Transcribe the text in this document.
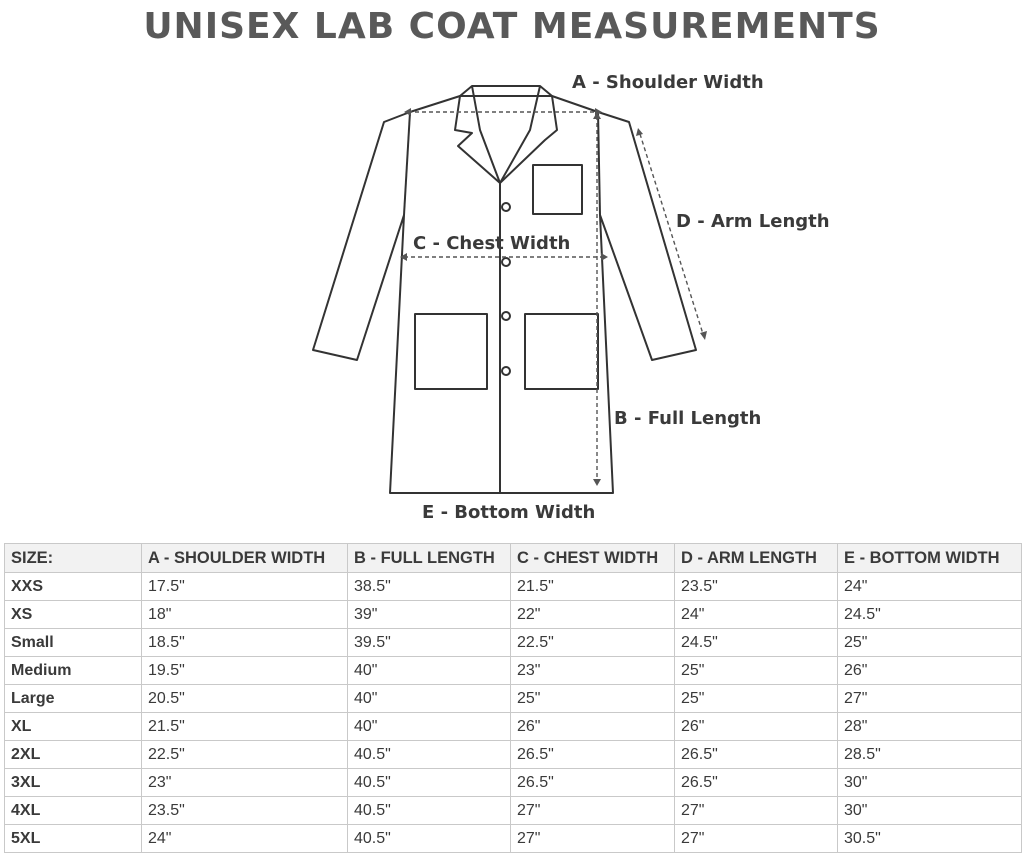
UNISEX LAB COAT MEASUREMENTS
A - Shoulder Width
D - Arm Length
C - Chest Width
B - Full Length
E - Bottom Width
SIZE:	A - SHOULDER WIDTH	B - FULL LENGTH	C - CHEST WIDTH	D - ARM LENGTH	E - BOTTOM WIDTH
XXS	17.5"	38.5"	21.5"	23.5"	24"
XS	18"	39"	22"	24"	24.5"
Small	18.5"	39.5"	22.5"	24.5"	25"
Medium	19.5"	40"	23"	25"	26"
Large	20.5"	40"	25"	25"	27"
XL	21.5"	40"	26"	26"	28"
2XL	22.5"	40.5"	26.5"	26.5"	28.5"
3XL	23"	40.5"	26.5"	26.5"	30"
4XL	23.5"	40.5"	27"	27"	30"
5XL	24"	40.5"	27"	27"	30.5"
